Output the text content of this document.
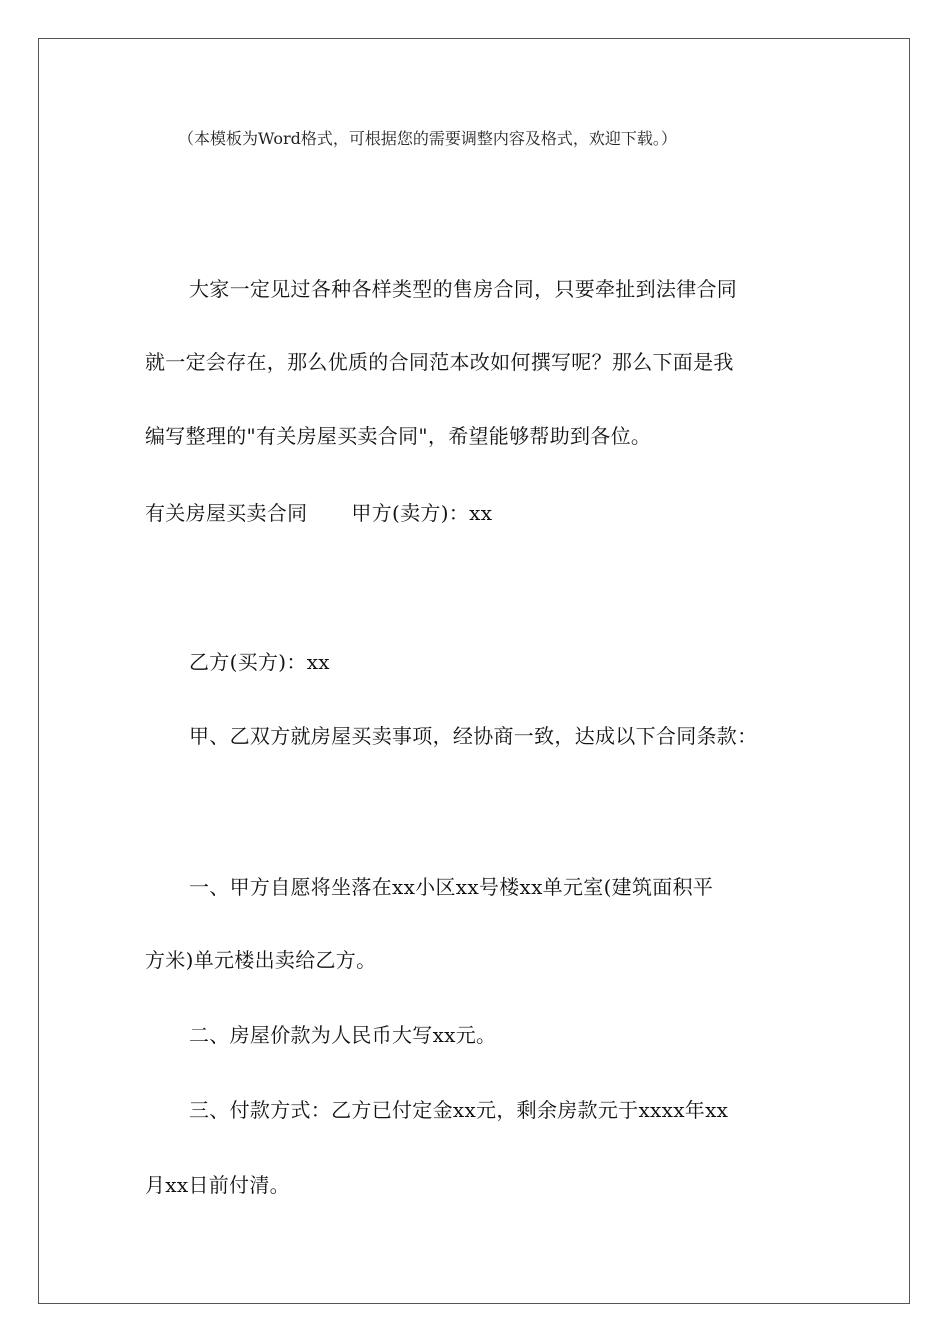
（本模板为Word格式，可根据您的需要调整内容及格式，欢迎下载。）
大家一定见过各种各样类型的售房合同，只要牵扯到法律合同
就一定会存在，那么优质的合同范本改如何撰写呢？那么下面是我
编写整理的"有关房屋买卖合同"，希望能够帮助到各位。
有关房屋买卖合同 甲方(卖方)：xx
乙方(买方)：xx
甲、乙双方就房屋买卖事项，经协商一致，达成以下合同条款：
一、甲方自愿将坐落在xx小区xx号楼xx单元室(建筑面积平
方米)单元楼出卖给乙方。
二、房屋价款为人民币大写xx元。
三、付款方式：乙方已付定金xx元，剩余房款元于xxxx年xx
月xx日前付清。
